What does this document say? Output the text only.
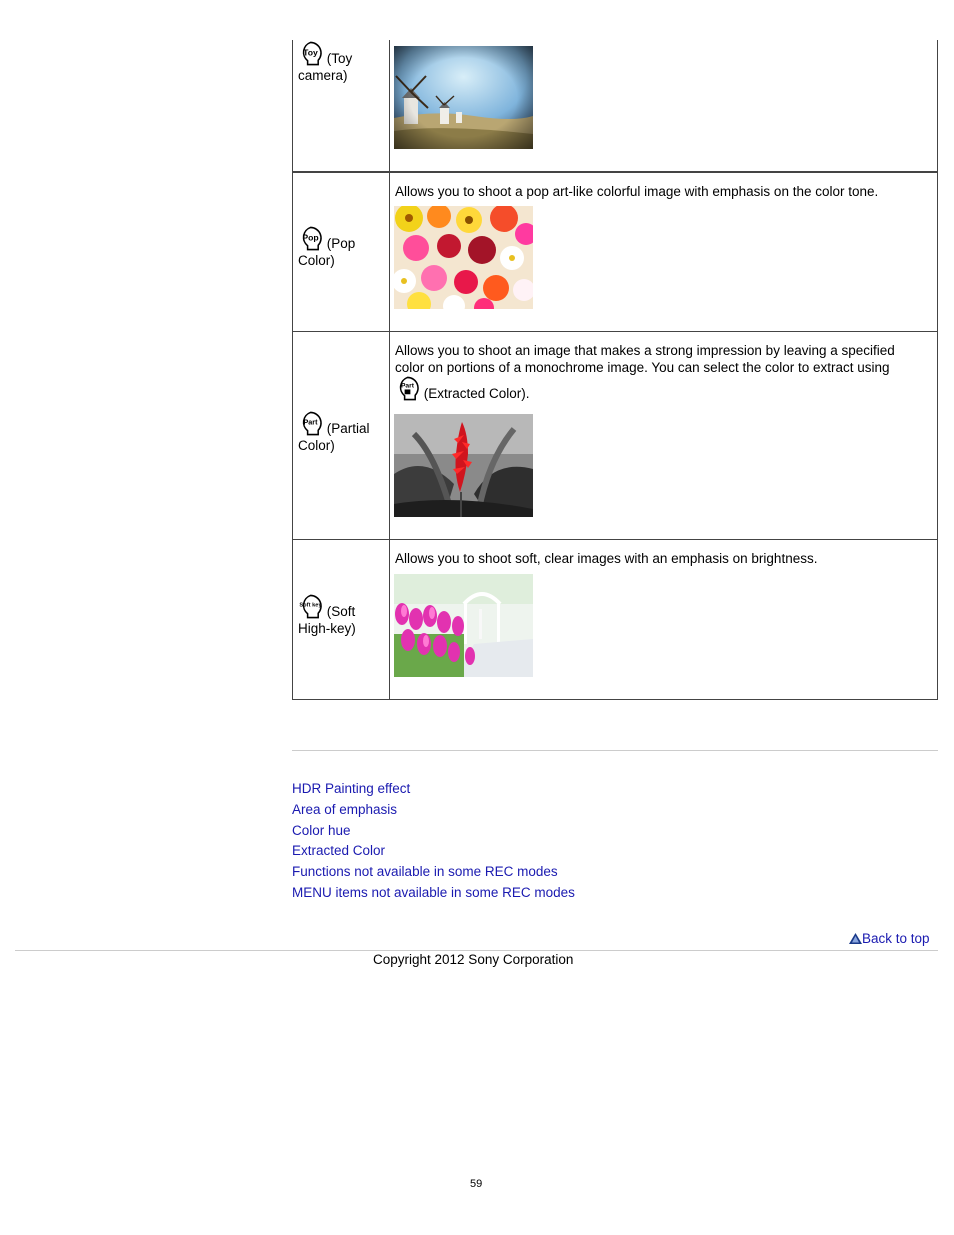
Toy (Toy
camera)
Pop (Pop
Color)
Allows you to shoot a pop art-like colorful image with emphasis on the color tone.
Part (Partial
Color)
Allows you to shoot an image that makes a strong impression by leaving a specified color on portions of a monochrome image. You can select the color to extract using

Part (Extracted Color).
Soft key (Soft
High-key)
Allows you to shoot soft, clear images with an emphasis on brightness.
HDR Painting effect
Area of emphasis
Color hue
Extracted Color
Functions not available in some REC modes
MENU items not available in some REC modes
Back to top
Copyright 2012 Sony Corporation
59
